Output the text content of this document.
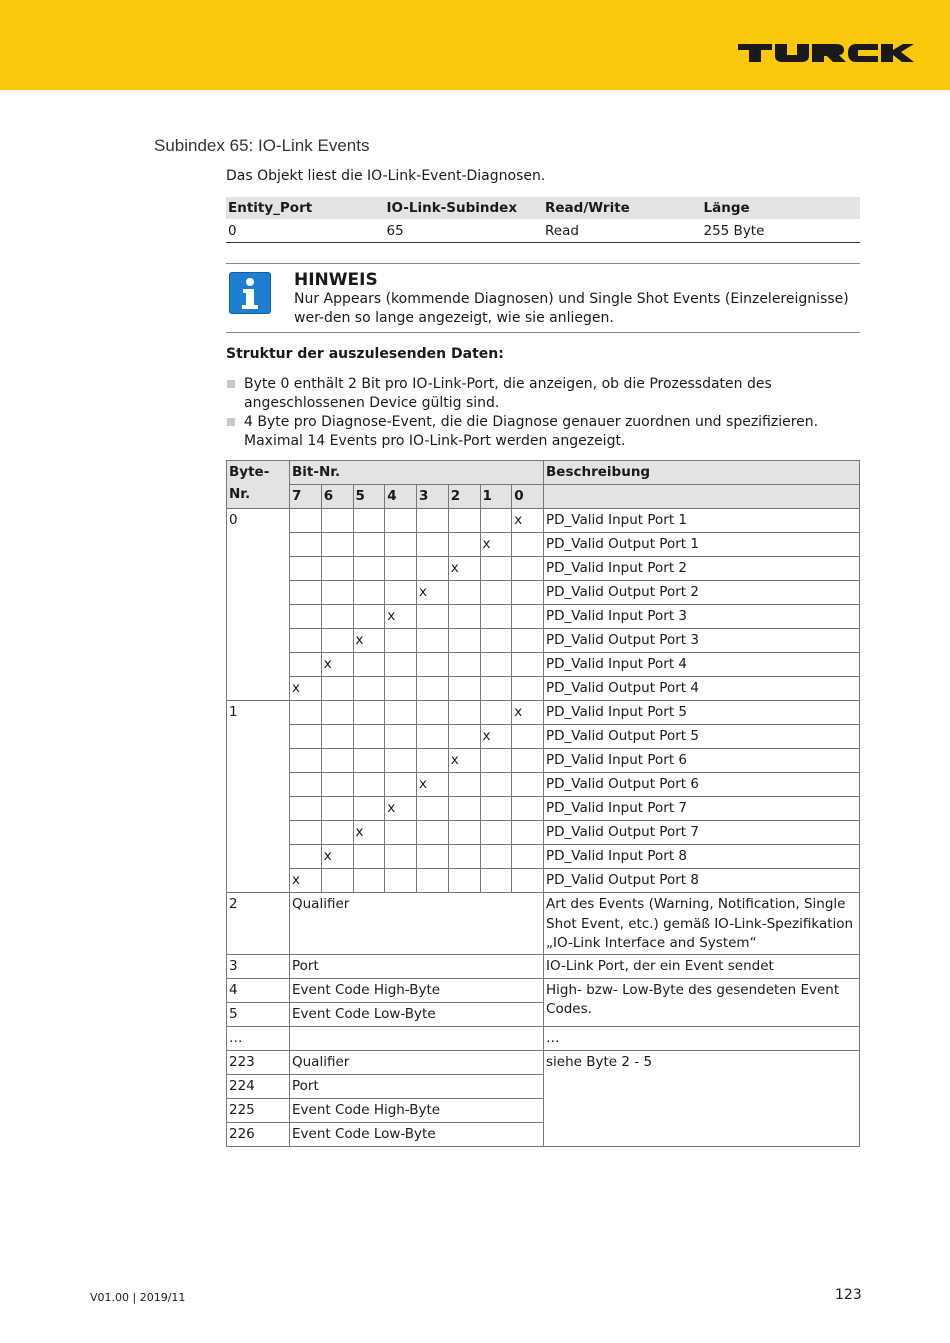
Subindex 65: IO-Link Events
Das Objekt liest die IO-Link-Event-Diagnosen.
Entity_Port	IO-Link-Subindex	Read/Write	Länge
0	65	Read	255 Byte
HINWEIS
Nur Appears (kommende Diagnosen) und Single Shot Events (Einzelereignisse) wer-den so lange angezeigt, wie sie anliegen.
Struktur der auszulesenden Daten:
Byte 0 enthält 2 Bit pro IO-Link-Port, die anzeigen, ob die Prozessdaten des angeschlossenen Device gültig sind.
4 Byte pro Diagnose-Event, die die Diagnose genauer zuordnen und spezifizieren. Maximal 14 Events pro IO-Link-Port werden angezeigt.
Byte-Nr.	Bit-Nr.								Beschreibung
	7	6	5	4	3	2	1	0	
0								x	PD_Valid Input Port 1
							x		PD_Valid Output Port 1
						x			PD_Valid Input Port 2
					x				PD_Valid Output Port 2
				x					PD_Valid Input Port 3
			x						PD_Valid Output Port 3
		x							PD_Valid Input Port 4
	x								PD_Valid Output Port 4
1								x	PD_Valid Input Port 5
							x		PD_Valid Output Port 5
						x			PD_Valid Input Port 6
					x				PD_Valid Output Port 6
				x					PD_Valid Input Port 7
			x						PD_Valid Output Port 7
		x							PD_Valid Input Port 8
	x								PD_Valid Output Port 8
2	Qualifier								Art des Events (Warning, Notification, Single Shot Event, etc.) gemäß IO-Link-Spezifikation „IO-Link Interface and System“
3	Port								IO-Link Port, der ein Event sendet
4	Event Code High-Byte								High- bzw- Low-Byte des gesendeten Event Codes.
5	Event Code Low-Byte								
…									…
223	Qualifier								siehe Byte 2 - 5
224	Port								
225	Event Code High-Byte								
226	Event Code Low-Byte								
V01.00 | 2019/11	123
